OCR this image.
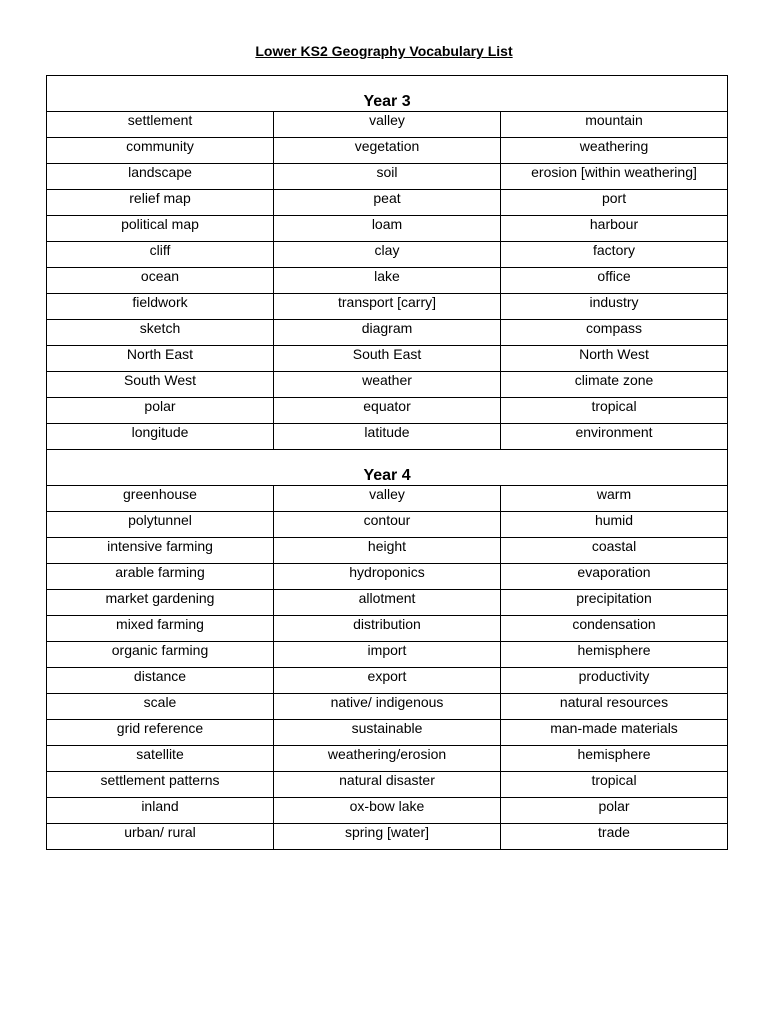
Lower KS2 Geography Vocabulary List
Year 3		
settlement	valley	mountain
community	vegetation	weathering
landscape	soil	erosion [within weathering]
relief map	peat	port
political map	loam	harbour
cliff	clay	factory
ocean	lake	office
fieldwork	transport [carry]	industry
sketch	diagram	compass
North East	South East	North West
South West	weather	climate zone
polar	equator	tropical
longitude	latitude	environment
Year 4		
greenhouse	valley	warm
polytunnel	contour	humid
intensive farming	height	coastal
arable farming	hydroponics	evaporation
market gardening	allotment	precipitation
mixed farming	distribution	condensation
organic farming	import	hemisphere
distance	export	productivity
scale	native/ indigenous	natural resources
grid reference	sustainable	man-made materials
satellite	weathering/erosion	hemisphere
settlement patterns	natural disaster	tropical
inland	ox-bow lake	polar
urban/ rural	spring [water]	trade
